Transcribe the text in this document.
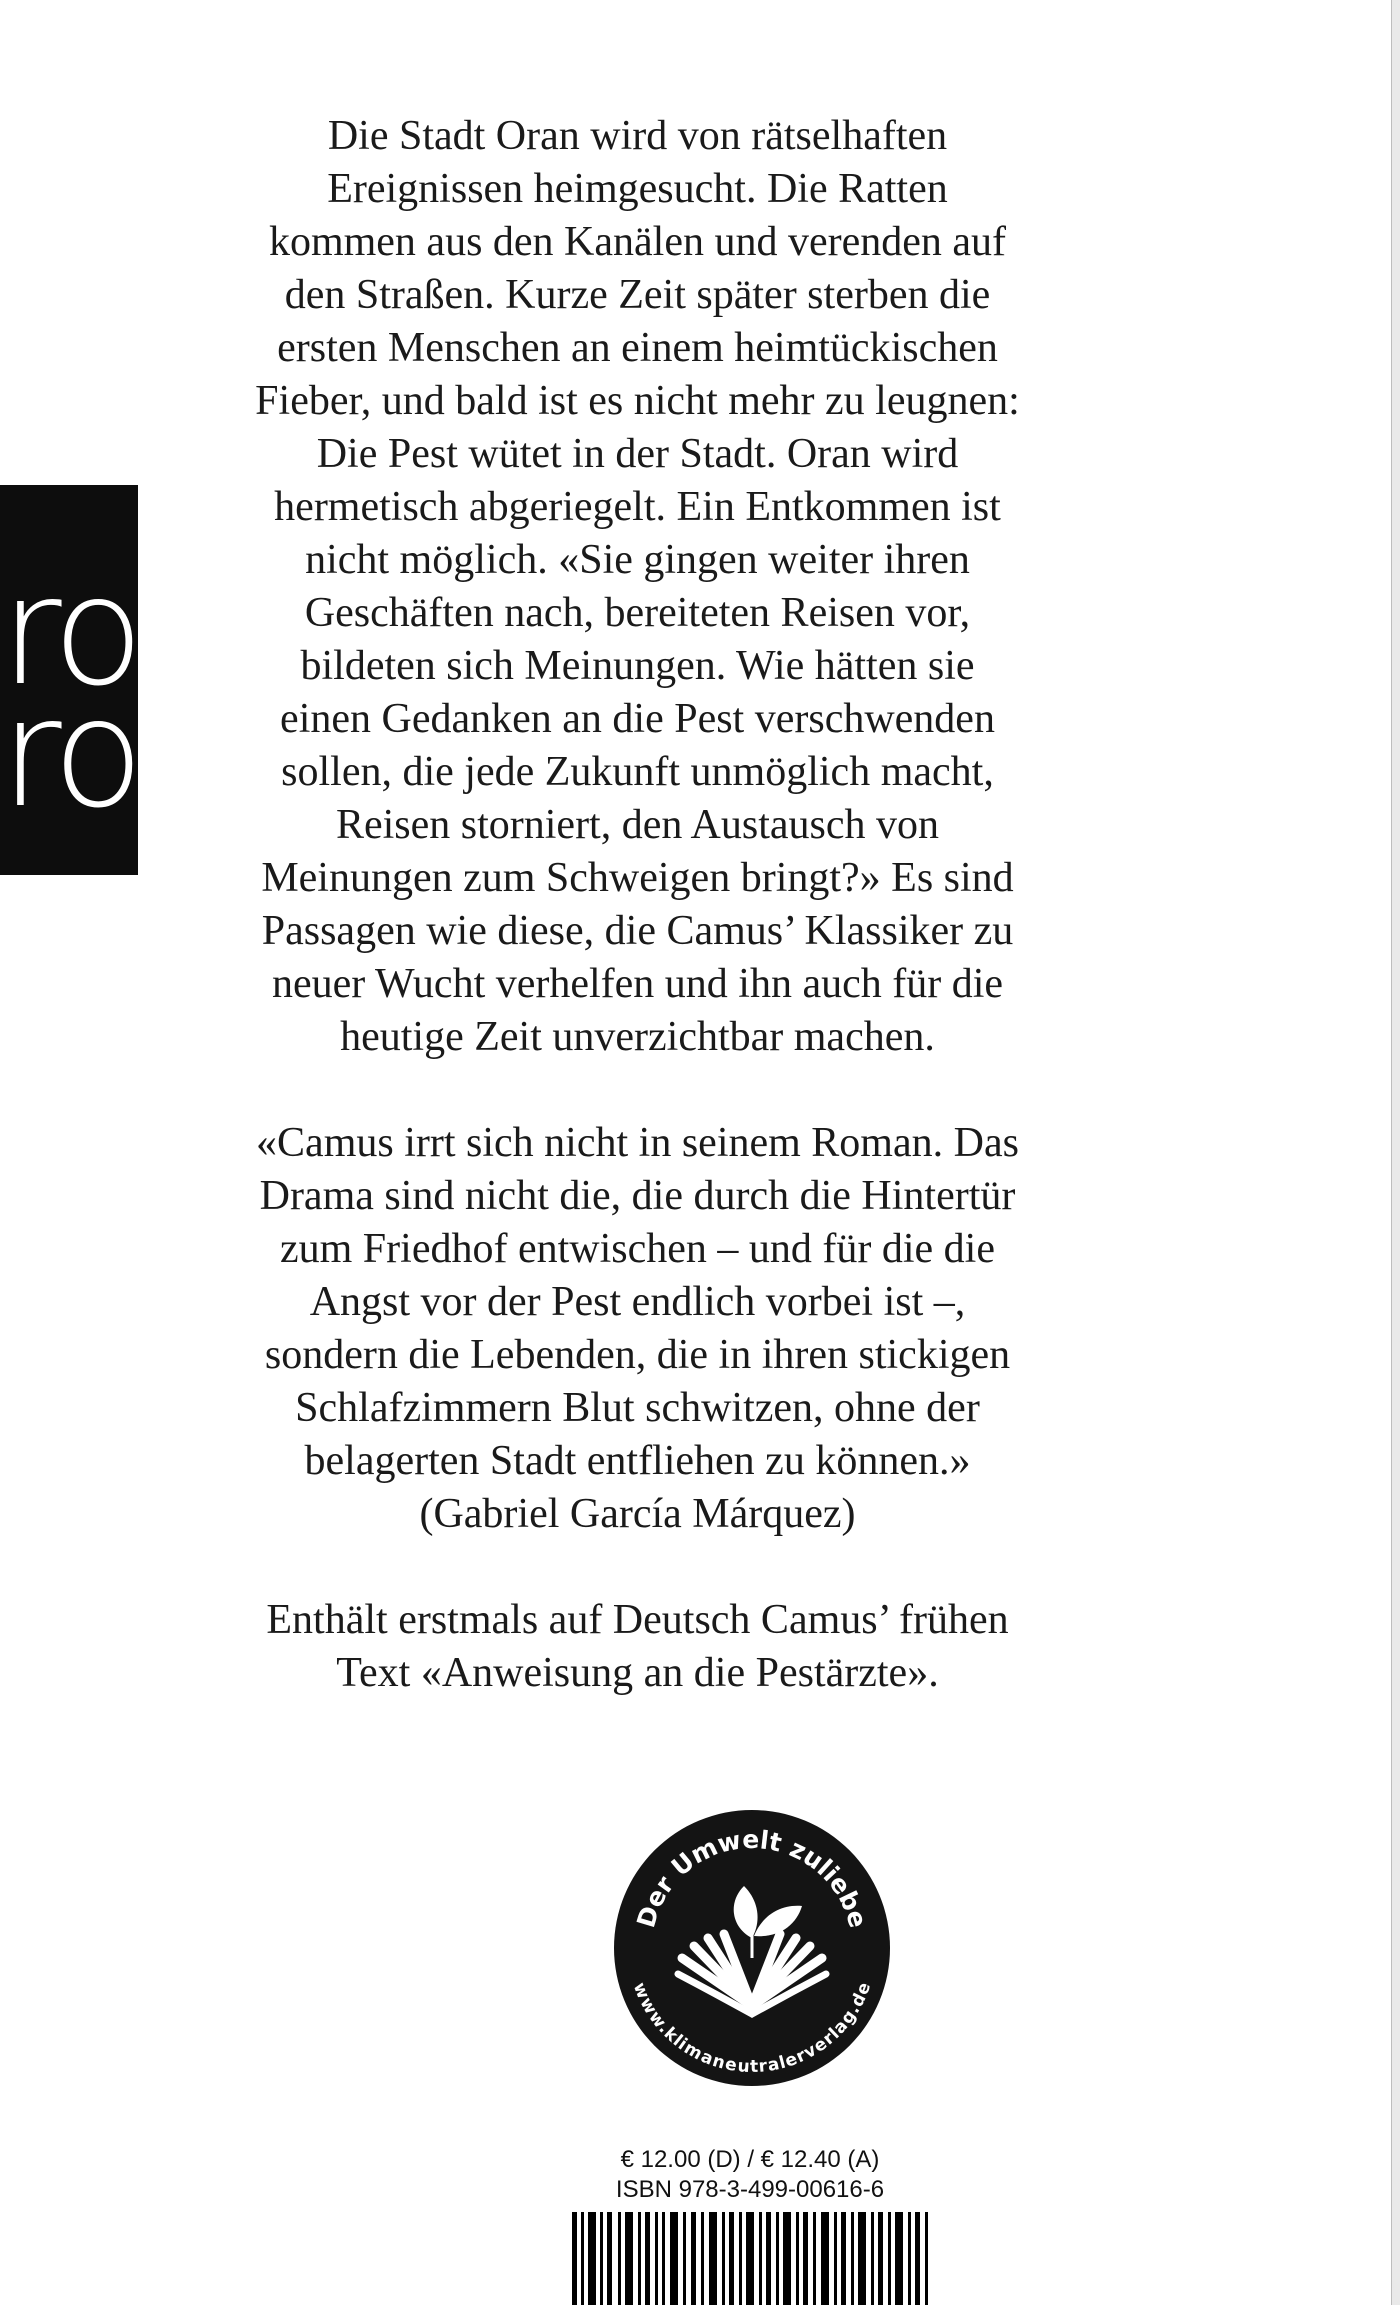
rororo
ro

Die Stadt Oran wird von rätselhaften Ereignissen heimgesucht. Die Ratten kommen aus den Kanälen und verenden auf den Straßen. Kurze Zeit später sterben die ersten Menschen an einem heimtückischen Fieber, und bald ist es nicht mehr zu leugnen: Die Pest wütet in der Stadt. Oran wird hermetisch abgeriegelt. Ein Entkommen ist nicht möglich. «Sie gingen weiter ihren Geschäften nach, bereiteten Reisen vor, bildeten sich Meinungen. Wie hätten sie einen Gedanken an die Pest verschwenden sollen, die jede Zukunft unmöglich macht, Reisen storniert, den Austausch von Meinungen zum Schweigen bringt?» Es sind Passagen wie diese, die Camus’ Klassiker zu neuer Wucht verhelfen und ihn auch für die heutige Zeit unverzichtbar machen.

«Camus irrt sich nicht in seinem Roman. Das Drama sind nicht die, die durch die Hintertür zum Friedhof entwischen – und für die die Angst vor der Pest endlich vorbei ist –, sondern die Lebenden, die in ihren stickigen Schlafzimmern Blut schwitzen, ohne der belagerten Stadt entfliehen zu können.» (Gabriel García Márquez)

Enthält erstmals auf Deutsch Camus’ frühen Text «Anweisung an die Pestärzte».

Der Umwelt zuliebe
www.klimaneutralerverlag.de
€ 12.00 (D) / € 12.40 (A)
ISBN 978-3-499-00616-6
